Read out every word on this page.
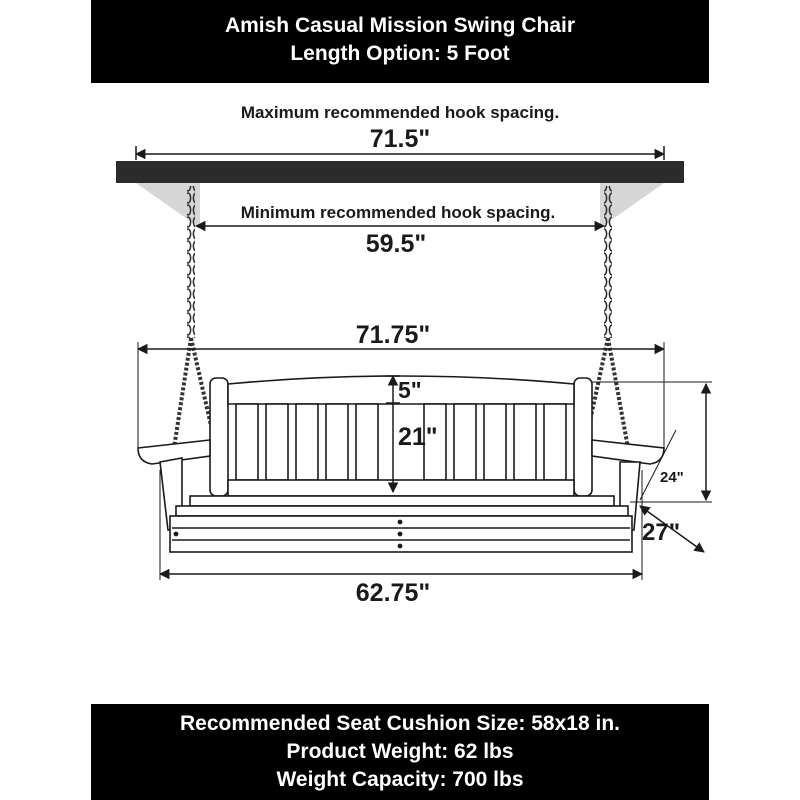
Amish Casual Mission Swing Chair
Length Option: 5 Foot
Maximum recommended hook spacing.
71.5"
Minimum recommended hook spacing.
59.5"
71.75"
5"
21"
24"
27"
62.75"
Recommended Seat Cushion Size: 58x18 in.
Product Weight: 62 lbs
Weight Capacity: 700 lbs
